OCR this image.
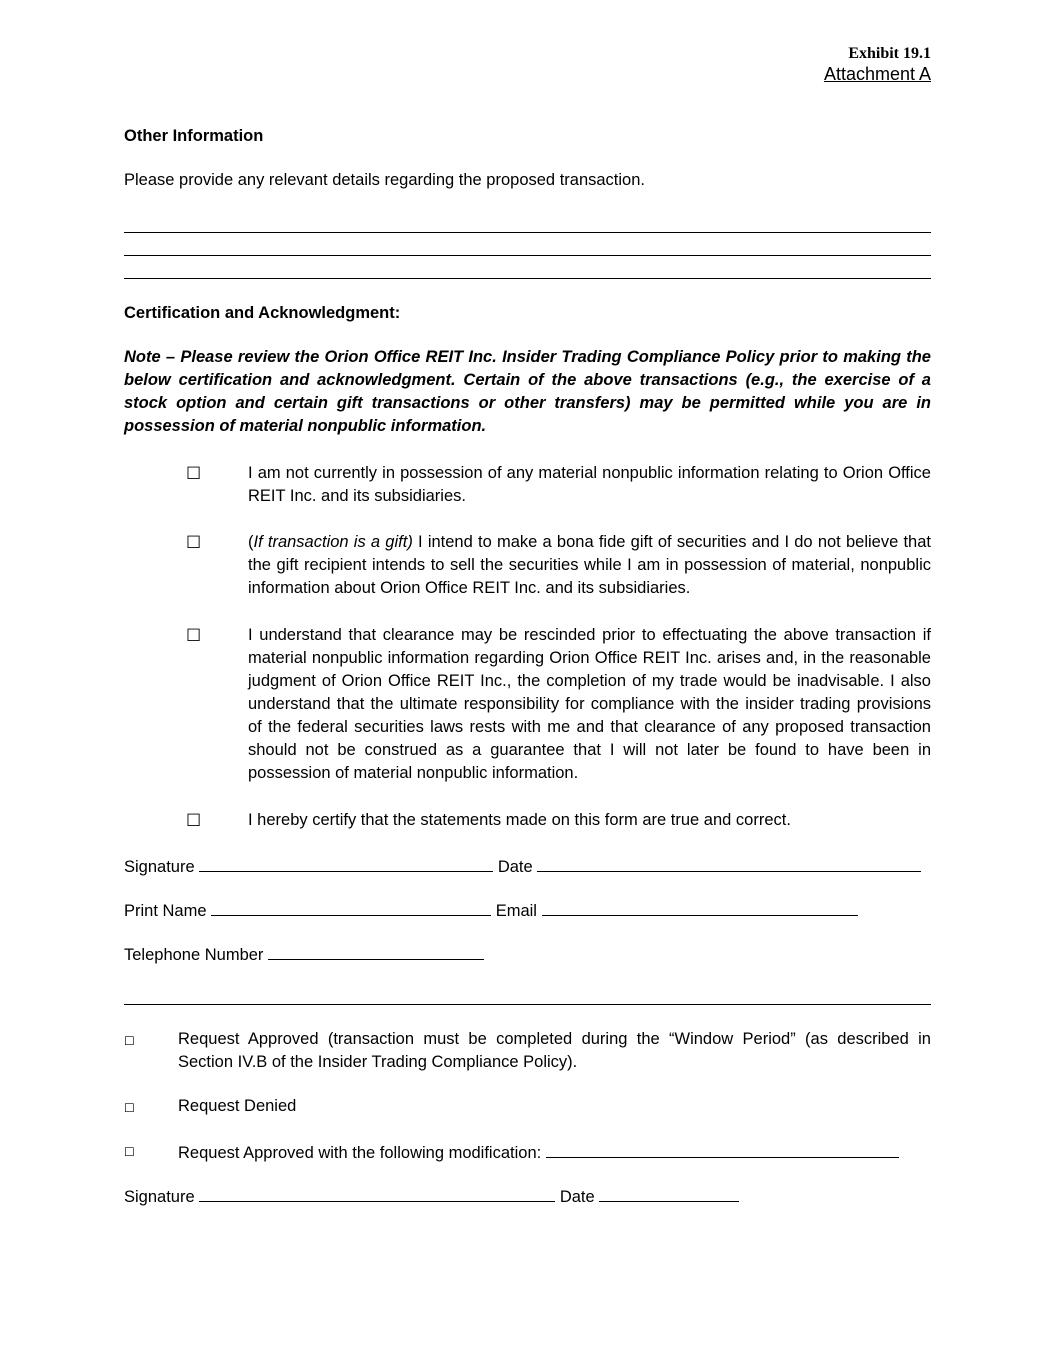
Exhibit 19.1
Attachment A
Other Information
Please provide any relevant details regarding the proposed transaction.
Certification and Acknowledgment:
Note – Please review the Orion Office REIT Inc. Insider Trading Compliance Policy prior to making the below certification and acknowledgment. Certain of the above transactions (e.g., the exercise of a stock option and certain gift transactions or other transfers) may be permitted while you are in possession of material nonpublic information.
☐	I am not currently in possession of any material nonpublic information relating to Orion Office REIT Inc. and its subsidiaries.
☐	(If transaction is a gift) I intend to make a bona fide gift of securities and I do not believe that the gift recipient intends to sell the securities while I am in possession of material, nonpublic information about Orion Office REIT Inc. and its subsidiaries.
☐	I understand that clearance may be rescinded prior to effectuating the above transaction if material nonpublic information regarding Orion Office REIT Inc. arises and, in the reasonable judgment of Orion Office REIT Inc., the completion of my trade would be inadvisable. I also understand that the ultimate responsibility for compliance with the insider trading provisions of the federal securities laws rests with me and that clearance of any proposed transaction should not be construed as a guarantee that I will not later be found to have been in possession of material nonpublic information.
☐	I hereby certify that the statements made on this form are true and correct.
Signature	Date
Print Name	Email
Telephone Number
☐	Request Approved (transaction must be completed during the “Window Period” (as described in Section IV.B of the Insider Trading Compliance Policy).
☐	Request Denied
☐	Request Approved with the following modification:
Signature	Date
